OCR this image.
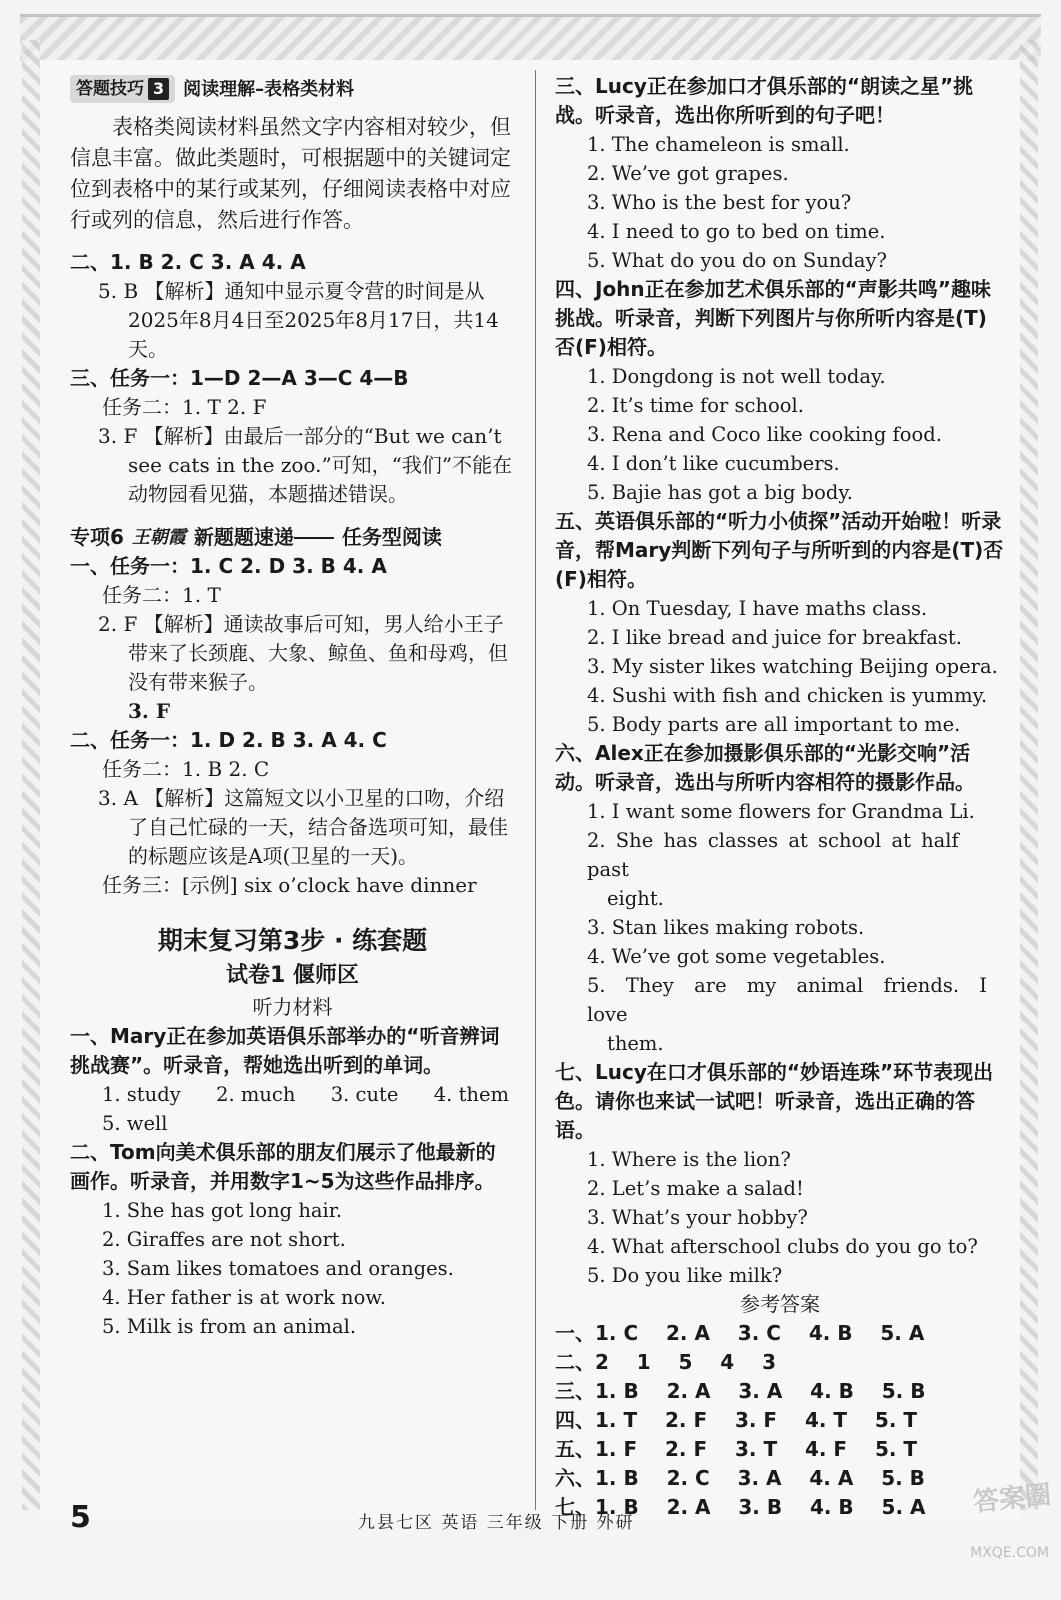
答题技巧 3 阅读理解–表格类材料

表格类阅读材料虽然文字内容相对较少，但信息丰富。做此类题时，可根据题中的关键词定位到表格中的某行或某列，仔细阅读表格中对应行或列的信息，然后进行作答。

二、1. B 2. C 3. A 4. A

5. B 【解析】通知中显示夏令营的时间是从2025年8月4日至2025年8月17日，共14天。

三、任务一：1—D 2—A 3—C 4—B

任务二：1. T 2. F

3. F 【解析】由最后一部分的“But we can’t see cats in the zoo.”可知，“我们”不能在动物园看见猫，本题描述错误。

专项6 王朝霞 新题题速递
　　 任务型阅读

一、任务一：1. C 2. D 3. B 4. A

任务二：1. T

2. F 【解析】通读故事后可知，男人给小王子带来了长颈鹿、大象、鲸鱼、鱼和母鸡，但没有带来猴子。

3. F

二、任务一：1. D 2. B 3. A 4. C

任务二：1. B 2. C

3. A 【解析】这篇短文以小卫星的口吻，介绍了自己忙碌的一天，结合备选项可知，最佳的标题应该是A项(卫星的一天)。

任务三：[示例] six o’clock have dinner

期末复习第3步 · 练套题

试卷1 偃师区

听力材料

一、Mary正在参加英语俱乐部举办的“听音辨词挑战赛”。听录音，帮她选出听到的单词。

1. study 2. much 3. cute 4. them

5. well

二、Tom向美术俱乐部的朋友们展示了他最新的画作。听录音，并用数字1~5为这些作品排序。

1. She has got long hair.

2. Giraffes are not short.

3. Sam likes tomatoes and oranges.

4. Her father is at work now.

5. Milk is from an animal.

三、Lucy正在参加口才俱乐部的“朗读之星”挑战。听录音，选出你所听到的句子吧！

1. The chameleon is small.

2. We’ve got grapes.

3. Who is the best for you?

4. I need to go to bed on time.

5. What do you do on Sunday?

四、John正在参加艺术俱乐部的“声影共鸣”趣味挑战。听录音，判断下列图片与你所听内容是(T)否(F)相符。

1. Dongdong is not well today.

2. It’s time for school.

3. Rena and Coco like cooking food.

4. I don’t like cucumbers.

5. Bajie has got a big body.

五、英语俱乐部的“听力小侦探”活动开始啦！听录音，帮Mary判断下列句子与所听到的内容是(T)否(F)相符。

1. On Tuesday, I have maths class.

2. I like bread and juice for breakfast.

3. My sister likes watching Beijing opera.

4. Sushi with fish and chicken is yummy.

5. Body parts are all important to me.

六、Alex正在参加摄影俱乐部的“光影交响”活动。听录音，选出与所听内容相符的摄影作品。

1. I want some flowers for Grandma Li.

2. She has classes at school at half past

eight.

3. Stan likes making robots.

4. We’ve got some vegetables.

5. They are my animal friends. I love

them.

七、Lucy在口才俱乐部的“妙语连珠”环节表现出色。请你也来试一试吧！听录音，选出正确的答语。

1. Where is the lion?

2. Let’s make a salad!

3. What’s your hobby?

4. What afterschool clubs do you go to?

5. Do you like milk?

参考答案

一、1. C    2. A    3. C    4. B    5. A

二、2    1    5    4    3

三、1. B    2. A    3. A    4. B    5. B

四、1. T    2. F    3. F    4. T    5. T

五、1. F    2. F    3. T    4. F    5. T

六、1. B    2. C    3. A    4. A    5. B

七、1. B    2. A    3. B    4. B    5. A

5	九县七区 英语 三年级 下册 外研
答案圈
MXQE.COM
